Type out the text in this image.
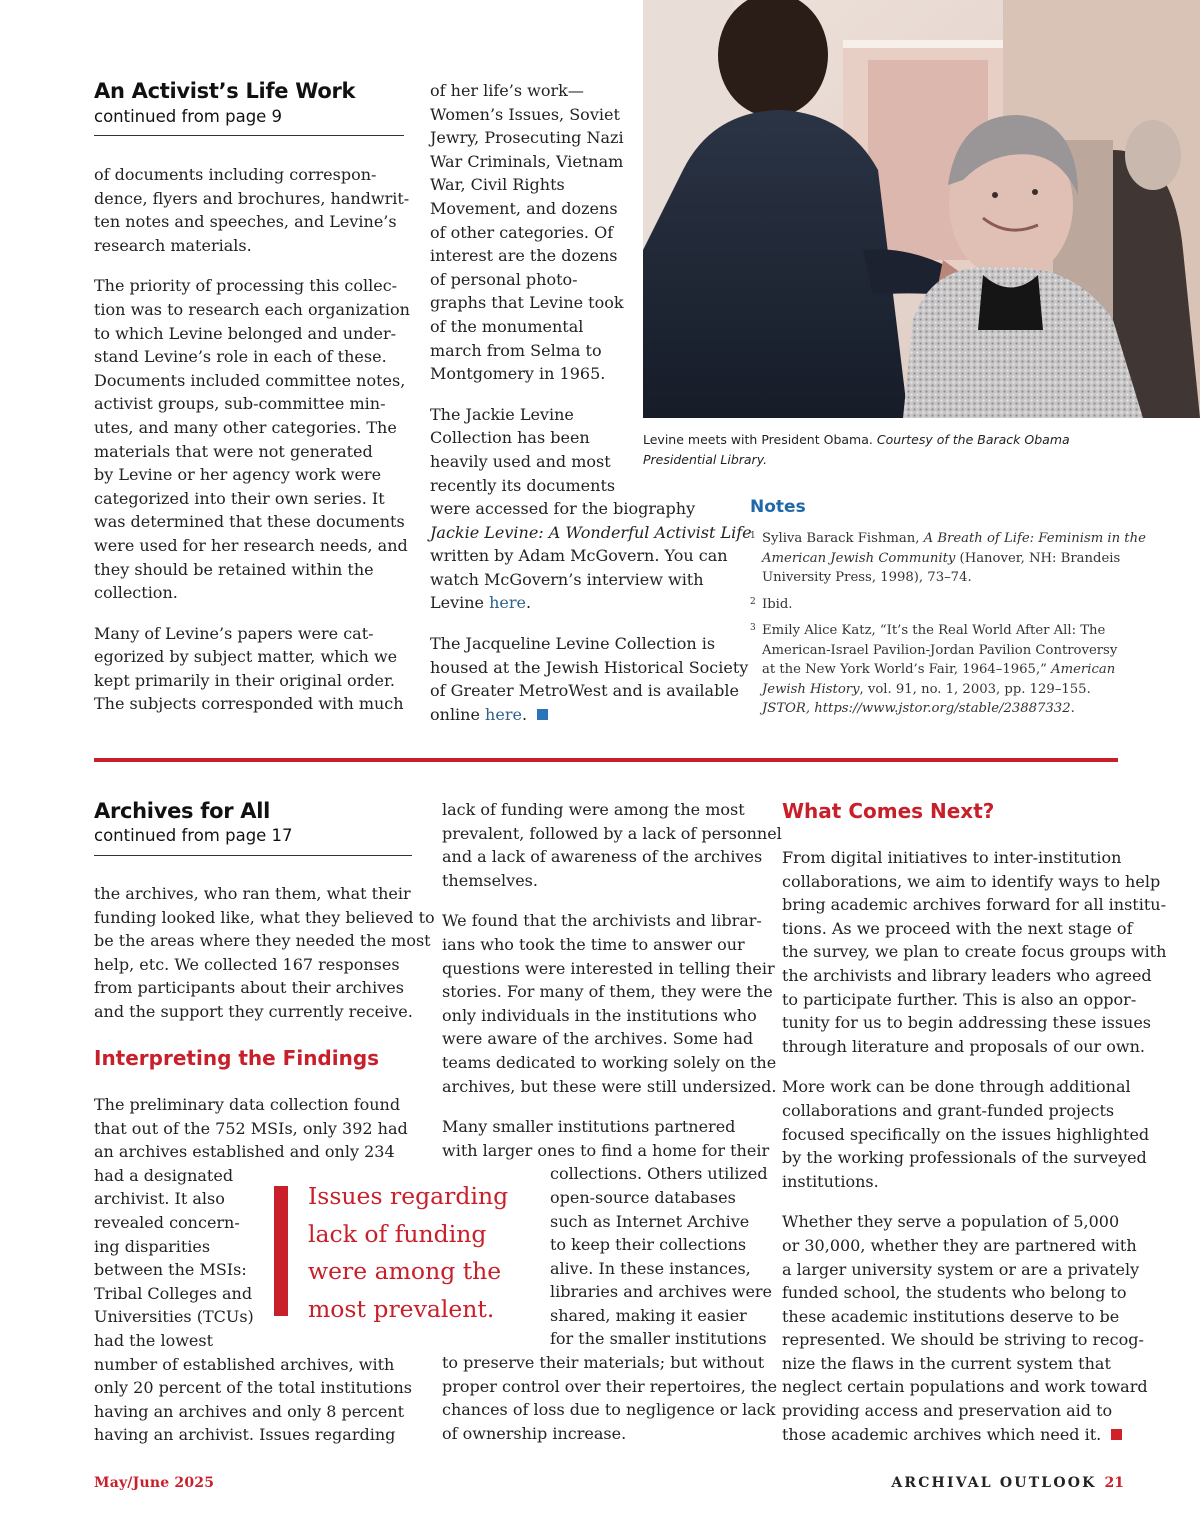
An Activist’s Life Work
continued from page 9

of documents including correspon-
dence, flyers and brochures, handwrit-
ten notes and speeches, and Levine’s
research materials.

The priority of processing this collec-
tion was to research each organization
to which Levine belonged and under-
stand Levine’s role in each of these.
Documents included committee notes,
activist groups, sub-committee min-
utes, and many other categories. The
materials that were not generated
by Levine or her agency work were
categorized into their own series. It
was determined that these documents
were used for her research needs, and
they should be retained within the
collection.

Many of Levine’s papers were cat-
egorized by subject matter, which we
kept primarily in their original order.
The subjects corresponded with much

of her life’s work—
Women’s Issues, Soviet
Jewry, Prosecuting Nazi
War Criminals, Vietnam
War, Civil Rights
Movement, and dozens
of other categories. Of
interest are the dozens
of personal photo-
graphs that Levine took
of the monumental
march from Selma to
Montgomery in 1965.

The Jackie Levine
Collection has been
heavily used and most
recently its documents
were accessed for the biography
Jackie Levine: A Wonderful Activist Life
written by Adam McGovern. You can
watch McGovern’s interview with
Levine here.

The Jacqueline Levine Collection is
housed at the Jewish Historical Society
of Greater MetroWest and is available
online here.

Levine meets with President Obama. Courtesy of the Barack Obama
Presidential Library.
Notes
1 Syliva Barack Fishman, A Breath of Life: Feminism in the
American Jewish Community (Hanover, NH: Brandeis
University Press, 1998), 73–74.
2 Ibid.
3 Emily Alice Katz, “It’s the Real World After All: The
American-Israel Pavilion-Jordan Pavilion Controversy
at the New York World’s Fair, 1964–1965,” American
Jewish History, vol. 91, no. 1, 2003, pp. 129–155.
JSTOR, https://www.jstor.org/stable/23887332.
Archives for All
continued from page 17

the archives, who ran them, what their
funding looked like, what they believed to
be the areas where they needed the most
help, etc. We collected 167 responses
from participants about their archives
and the support they currently receive.

Interpreting the Findings
The preliminary data collection found
that out of the 752 MSIs, only 392 had
an archives established and only 234
had a designated
archivist. It also
revealed concern-
ing disparities
between the MSIs:
Tribal Colleges and
Universities (TCUs)
had the lowest
number of established archives, with
only 20 percent of the total institutions
having an archives and only 8 percent
having an archivist. Issues regarding
Issues regarding
lack of funding
were among the
most prevalent.

lack of funding were among the most
prevalent, followed by a lack of personnel
and a lack of awareness of the archives
themselves.

We found that the archivists and librar-
ians who took the time to answer our
questions were interested in telling their
stories. For many of them, they were the
only individuals in the institutions who
were aware of the archives. Some had
teams dedicated to working solely on the
archives, but these were still undersized.

Many smaller institutions partnered
with larger ones to find a home for their
collections. Others utilized
open-source databases
such as Internet Archive
to keep their collections
alive. In these instances,
libraries and archives were
shared, making it easier
for the smaller institutions
to preserve their materials; but without
proper control over their repertoires, the
chances of loss due to negligence or lack
of ownership increase.
What Comes Next?

From digital initiatives to inter-institution
collaborations, we aim to identify ways to help
bring academic archives forward for all institu-
tions. As we proceed with the next stage of
the survey, we plan to create focus groups with
the archivists and library leaders who agreed
to participate further. This is also an oppor-
tunity for us to begin addressing these issues
through literature and proposals of our own.

More work can be done through additional
collaborations and grant-funded projects
focused specifically on the issues highlighted
by the working professionals of the surveyed
institutions.

Whether they serve a population of 5,000
or 30,000, whether they are partnered with
a larger university system or are a privately
funded school, the students who belong to
these academic institutions deserve to be
represented. We should be striving to recog-
nize the flaws in the current system that
neglect certain populations and work toward
providing access and preservation aid to
those academic archives which need it.

May/June 2025	ARCHIVAL OUTLOOK 21
